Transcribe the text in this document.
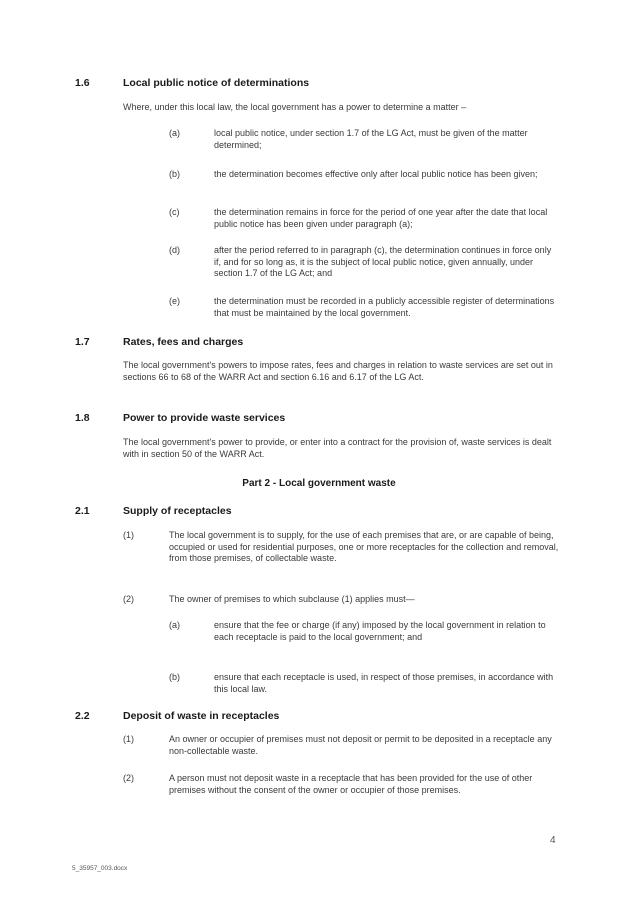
1.6	Local public notice of determinations
Where, under this local law, the local government has a power to determine a matter –
(a)	local public notice, under section 1.7 of the LG Act, must be given of the matter determined;
(b)	the determination becomes effective only after local public notice has been given;
(c)	the determination remains in force for the period of one year after the date that local public notice has been given under paragraph (a);
(d)	after the period referred to in paragraph (c), the determination continues in force only if, and for so long as, it is the subject of local public notice, given annually, under section 1.7 of the LG Act; and
(e)	the determination must be recorded in a publicly accessible register of determinations that must be maintained by the local government.
1.7	Rates, fees and charges
The local government's powers to impose rates, fees and charges in relation to waste services are set out in sections 66 to 68 of the WARR Act and section 6.16 and 6.17 of the LG Act.
1.8	Power to provide waste services
The local government's power to provide, or enter into a contract for the provision of, waste services is dealt with in section 50 of the WARR Act.
Part 2 - Local government waste
2.1	Supply of receptacles
(1)	The local government is to supply, for the use of each premises that are, or are capable of being, occupied or used for residential purposes, one or more receptacles for the collection and removal, from those premises, of collectable waste.
(2)	The owner of premises to which subclause (1) applies must—
(a)	ensure that the fee or charge (if any) imposed by the local government in relation to each receptacle is paid to the local government; and
(b)	ensure that each receptacle is used, in respect of those premises, in accordance with this local law.
2.2	Deposit of waste in receptacles
(1)	An owner or occupier of premises must not deposit or permit to be deposited in a receptacle any non-collectable waste.
(2)	A person must not deposit waste in a receptacle that has been provided for the use of other premises without the consent of the owner or occupier of those premises.
4
5_35957_003.docx
